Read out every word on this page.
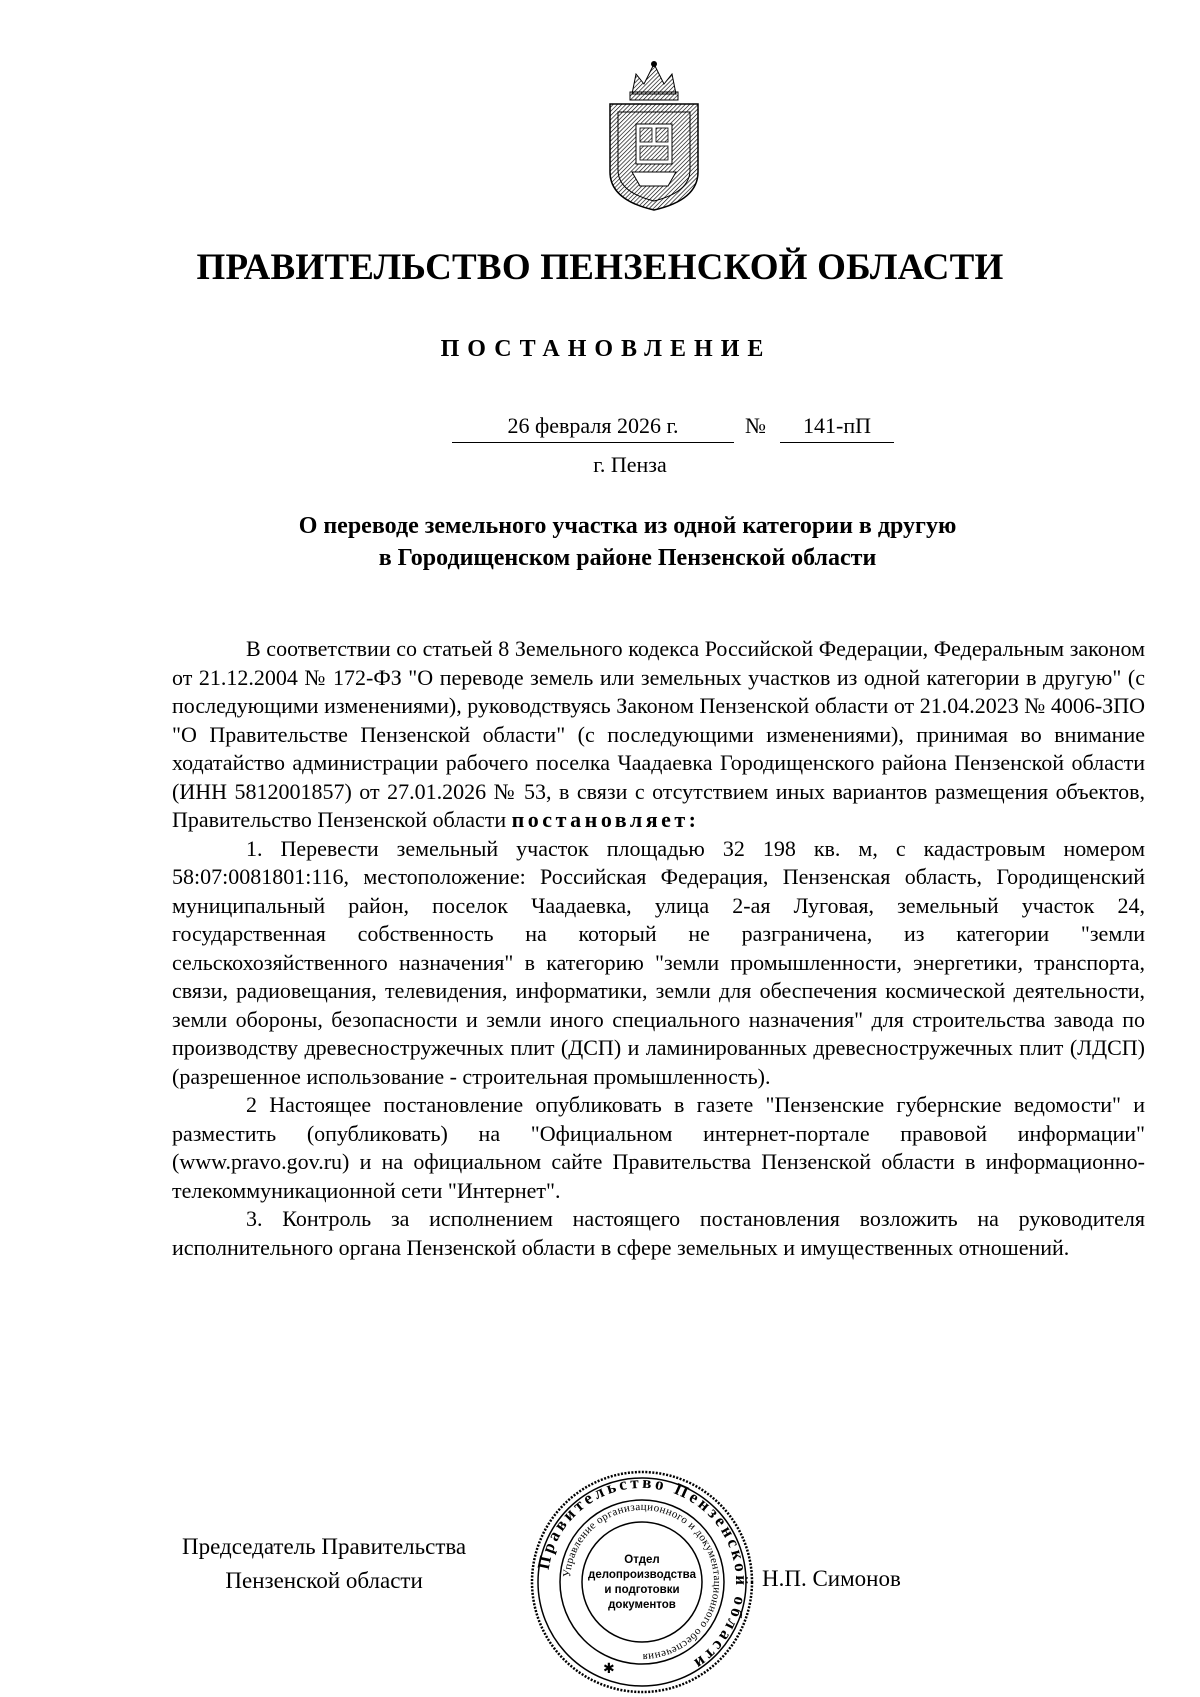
ПРАВИТЕЛЬСТВО ПЕНЗЕНСКОЙ ОБЛАСТИ
ПОСТАНОВЛЕНИЕ
26 февраля 2026 г.	№	141-пП
г. Пенза
О переводе земельного участка из одной категории в другую
в Городищенском районе Пензенской области

В соответствии со статьей 8 Земельного кодекса Российской Федерации, Федеральным законом от 21.12.2004 № 172-ФЗ "О переводе земель или земельных участков из одной категории в другую" (с последующими изменениями), руководствуясь Законом Пензенской области от 21.04.2023 № 4006-ЗПО "О Правительстве Пензенской области" (с последующими изменениями), принимая во внимание ходатайство администрации рабочего поселка Чаадаевка Городищенского района Пензенской области (ИНН 5812001857) от 27.01.2026 № 53, в связи с отсутствием иных вариантов размещения объектов, Правительство Пензенской области постановляет:

1. Перевести земельный участок площадью 32 198 кв. м, с кадастровым номером 58:07:0081801:116, местоположение: Российская Федерация, Пензенская область, Городищенский муниципальный район, поселок Чаадаевка, улица 2-ая Луговая, земельный участок 24, государственная собственность на который не разграничена, из категории "земли сельскохозяйственного назначения" в категорию "земли промышленности, энергетики, транспорта, связи, радиовещания, телевидения, информатики, земли для обеспечения космической деятельности, земли обороны, безопасности и земли иного специального назначения" для строительства завода по производству древесностружечных плит (ДСП) и ламинированных древесностружечных плит (ЛДСП) (разрешенное использование - строительная промышленность).

2 Настоящее постановление опубликовать в газете "Пензенские губернские ведомости" и разместить (опубликовать) на "Официальном интернет-портале правовой информации" (www.pravo.gov.ru) и на официальном сайте Правительства Пензенской области в информационно-телекоммуникационной сети "Интернет".

3. Контроль за исполнением настоящего постановления возложить на руководителя исполнительного органа Пензенской области в сфере земельных и имущественных отношений.

Председатель Правительства
Пензенской области
Правительство Пензенской области
Управление организационного и документационного обеспечения
Отдел
делопроизводства
и подготовки
документов
✱
Н.П. Симонов
